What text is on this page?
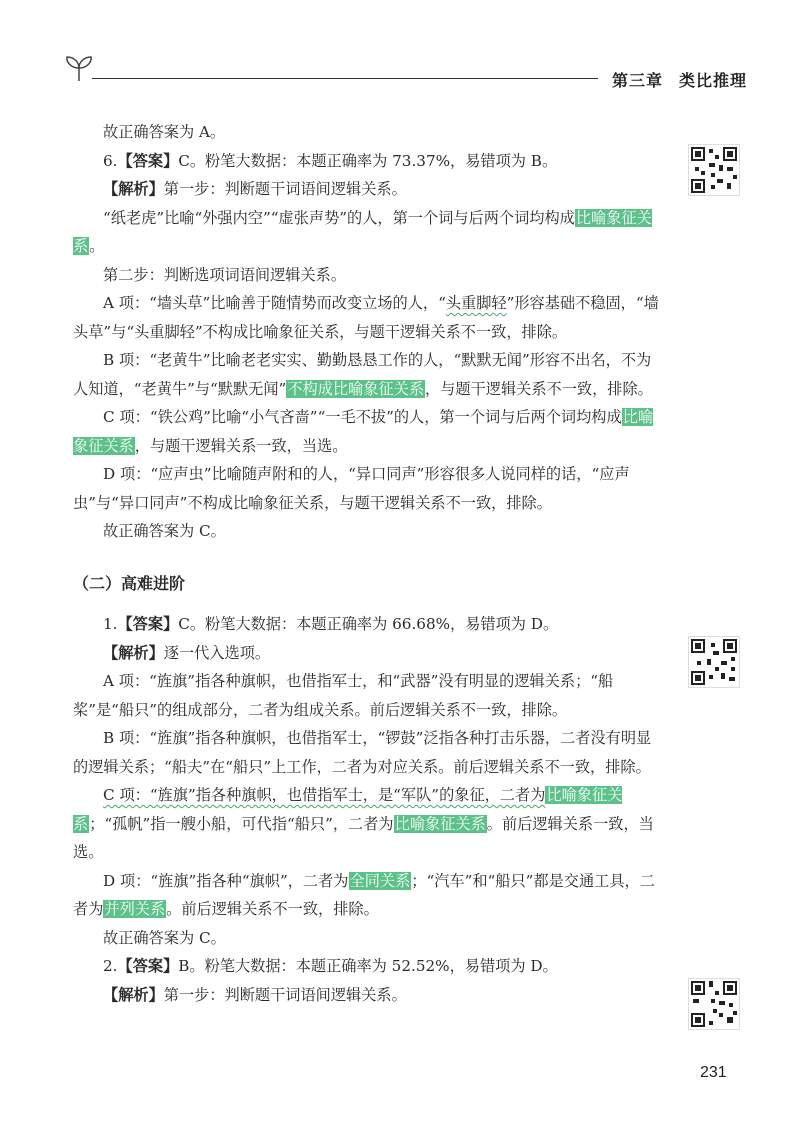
第三章 类比推理

故正确答案为 A。

6.【答案】C。粉笔大数据：本题正确率为 73.37%，易错项为 B。

【解析】第一步：判断题干词语间逻辑关系。

“纸老虎”比喻“外强内空”“虚张声势”的人，第一个词与后两个词均构成比喻象征关系。

第二步：判断选项词语间逻辑关系。

A 项：“墙头草”比喻善于随情势而改变立场的人，“头重脚轻”形容基础不稳固，“墙头草”与“头重脚轻”不构成比喻象征关系，与题干逻辑关系不一致，排除。

B 项：“老黄牛”比喻老老实实、勤勤恳恳工作的人，“默默无闻”形容不出名，不为人知道，“老黄牛”与“默默无闻”不构成比喻象征关系，与题干逻辑关系不一致，排除。

C 项：“铁公鸡”比喻“小气吝啬”“一毛不拔”的人，第一个词与后两个词均构成比喻象征关系，与题干逻辑关系一致，当选。

D 项：“应声虫”比喻随声附和的人，“异口同声”形容很多人说同样的话，“应声虫”与“异口同声”不构成比喻象征关系，与题干逻辑关系不一致，排除。

故正确答案为 C。

（二）高难进阶

1.【答案】C。粉笔大数据：本题正确率为 66.68%，易错项为 D。

【解析】逐一代入选项。

A 项：“旌旗”指各种旗帜，也借指军士，和“武器”没有明显的逻辑关系；“船桨”是“船只”的组成部分，二者为组成关系。前后逻辑关系不一致，排除。

B 项：“旌旗”指各种旗帜，也借指军士，“锣鼓”泛指各种打击乐器，二者没有明显的逻辑关系；“船夫”在“船只”上工作，二者为对应关系。前后逻辑关系不一致，排除。

C 项：“旌旗”指各种旗帜，也借指军士，是“军队”的象征，二者为比喻象征关系；“孤帆”指一艘小船，可代指“船只”，二者为比喻象征关系。前后逻辑关系一致，当选。

D 项：“旌旗”指各种“旗帜”，二者为全同关系；“汽车”和“船只”都是交通工具，二者为并列关系。前后逻辑关系不一致，排除。

故正确答案为 C。

2.【答案】B。粉笔大数据：本题正确率为 52.52%，易错项为 D。

【解析】第一步：判断题干词语间逻辑关系。

231
